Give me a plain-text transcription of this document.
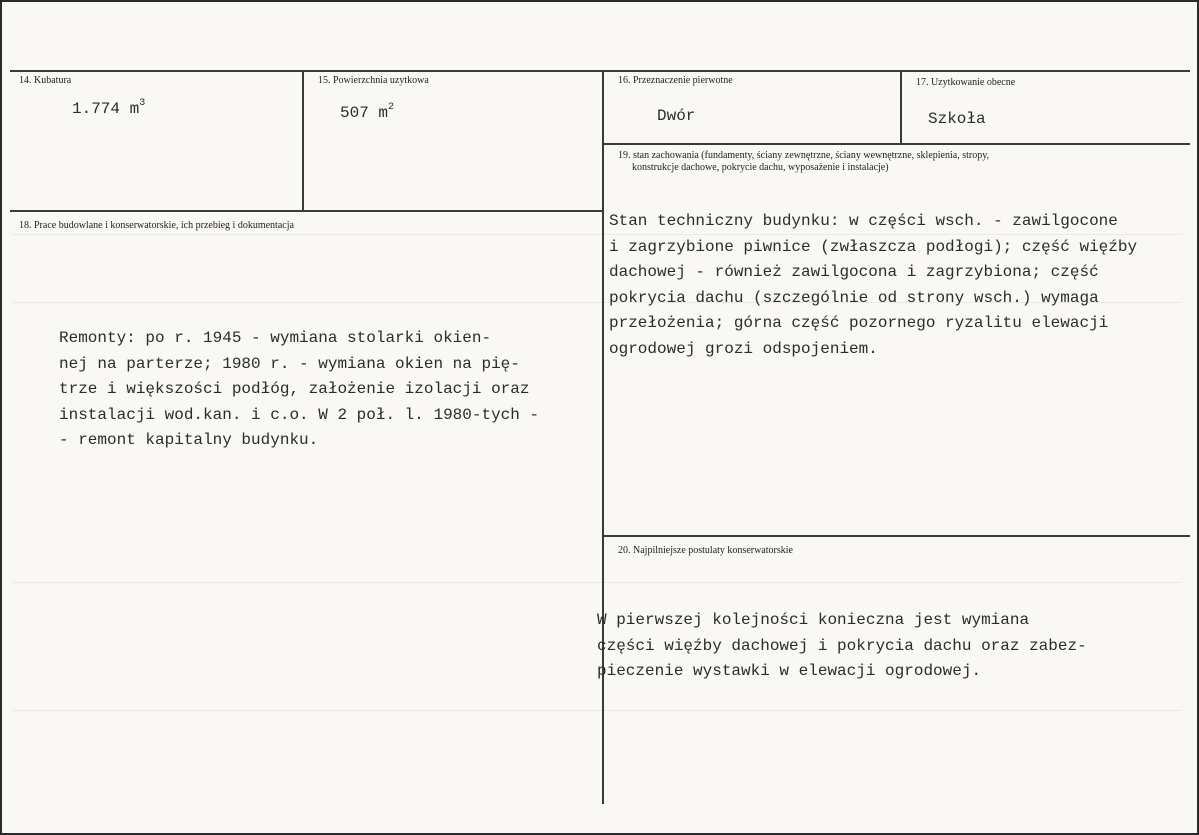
14. Kubatura
1.774 $m^3$
15. Powierzchnia uzytkowa
507 $m^2$
16. Przeznaczenie pierwotne
Dwór
17. Uzytkowanie obecne
Szkoła
18. Prace budowlane i konserwatorskie, ich przebieg i dokumentacja
Remonty: po r. 1945 - wymiana stolarki okien-
nej na parterze; 1980 r. - wymiana okien na pię-
trze i większości podłóg, założenie izolacji oraz
instalacji wod.kan. i c.o. W 2 poł. l. 1980-tych -
- remont kapitalny budynku.
19. stan zachowania (fundamenty, ściany zewnętrzne, ściany wewnętrzne, sklepienia, stropy,
konstrukcje dachowe, pokrycie dachu, wyposażenie i instalacje)
Stan techniczny budynku: w części wsch. - zawilgocone
i zagrzybione piwnice (zwłaszcza podłogi); część więźby
dachowej - również zawilgocona i zagrzybiona; część
pokrycia dachu (szczególnie od strony wsch.) wymaga
przełożenia; górna część pozornego ryzalitu elewacji
ogrodowej grozi odspojeniem.
20. Najpilniejsze postulaty konserwatorskie
W pierwszej kolejności konieczna jest wymiana
części więźby dachowej i pokrycia dachu oraz zabez-
pieczenie wystawki w elewacji ogrodowej.
